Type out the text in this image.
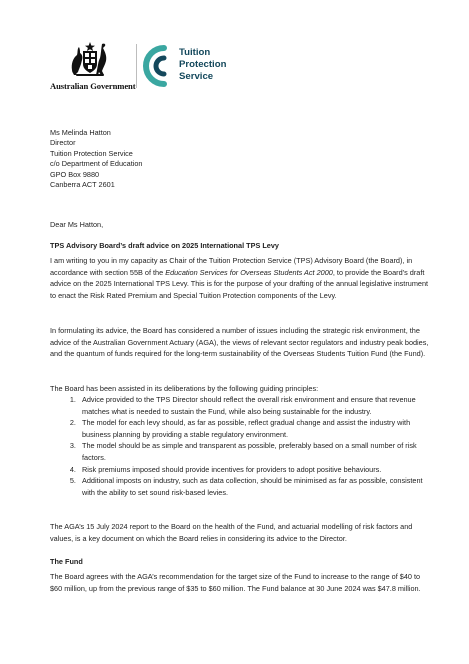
Australian Government
Tuition
Protection
Service
Ms Melinda Hatton
Director
Tuition Protection Service
c/o Department of Education
GPO Box 9880
Canberra ACT 2601
Dear Ms Hatton,
TPS Advisory Board’s draft advice on 2025 International TPS Levy
I am writing to you in my capacity as Chair of the Tuition Protection Service (TPS) Advisory Board (the Board), in accordance with section 55B of the Education Services for Overseas Students Act 2000, to provide the Board’s draft advice on the 2025 International TPS Levy. This is for the purpose of your drafting of the annual legislative instrument to enact the Risk Rated Premium and Special Tuition Protection components of the Levy.
In formulating its advice, the Board has considered a number of issues including the strategic risk environment, the advice of the Australian Government Actuary (AGA), the views of relevant sector regulators and industry peak bodies, and the quantum of funds required for the long-term sustainability of the Overseas Students Tuition Fund (the Fund).
The Board has been assisted in its deliberations by the following guiding principles:
1. Advice provided to the TPS Director should reflect the overall risk environment and ensure that revenue matches what is needed to sustain the Fund, while also being sustainable for the industry.
2. The model for each levy should, as far as possible, reflect gradual change and assist the industry with business planning by providing a stable regulatory environment.
3. The model should be as simple and transparent as possible, preferably based on a small number of risk factors.
4. Risk premiums imposed should provide incentives for providers to adopt positive behaviours.
5. Additional imposts on industry, such as data collection, should be minimised as far as possible, consistent with the ability to set sound risk-based levies.
The AGA’s 15 July 2024 report to the Board on the health of the Fund, and actuarial modelling of risk factors and values, is a key document on which the Board relies in considering its advice to the Director.
The Fund
The Board agrees with the AGA’s recommendation for the target size of the Fund to increase to the range of $40 to $60 million, up from the previous range of $35 to $60 million. The Fund balance at 30 June 2024 was $47.8 million.
